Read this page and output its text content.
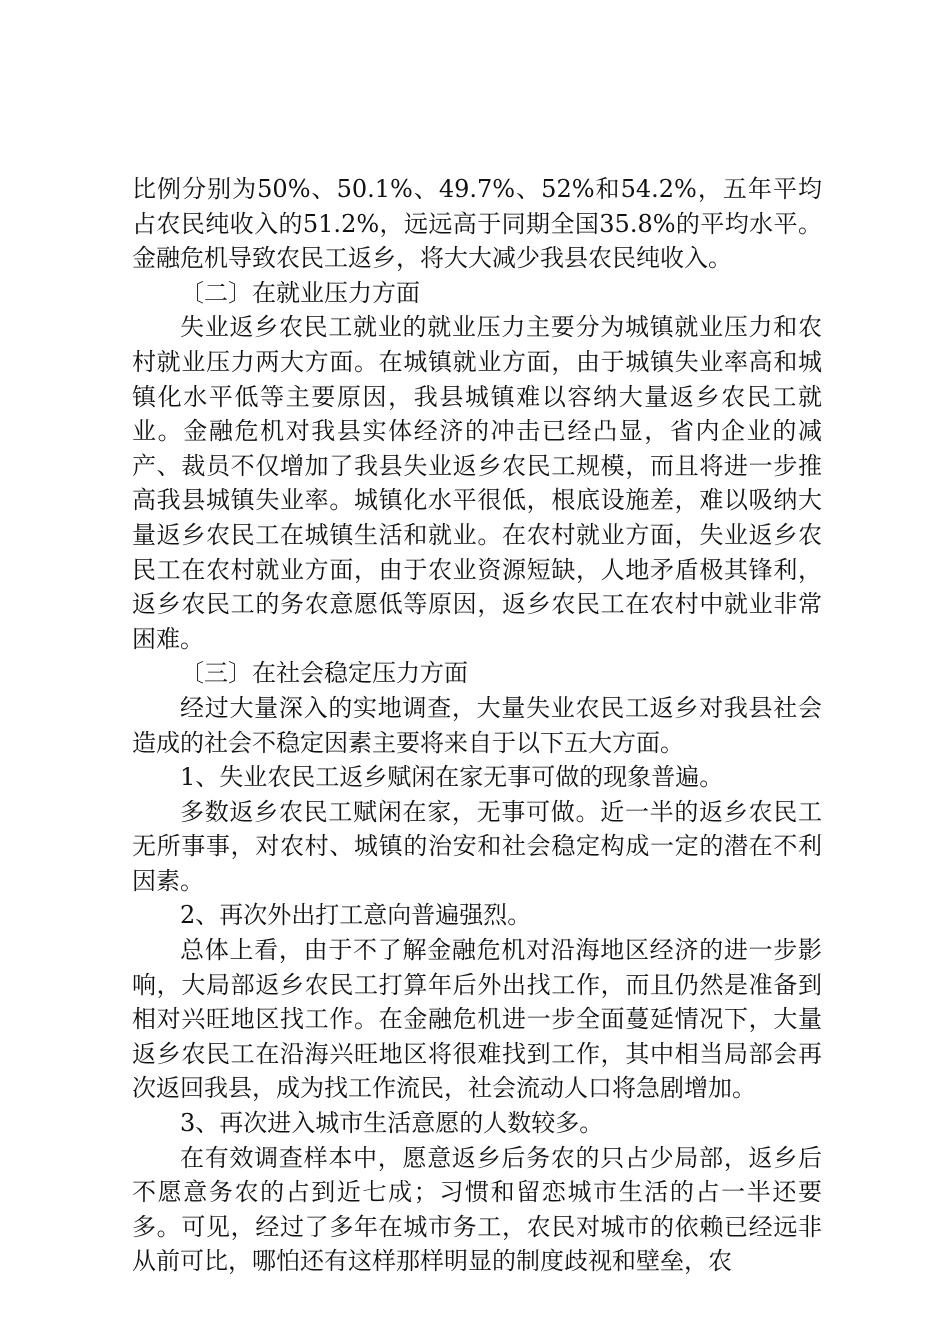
比例分别为50%、50.1%、49.7%、52%和54.2%，五年平均占农民纯收入的51.2%，远远高于同期全国35.8%的平均水平。金融危机导致农民工返乡，将大大减少我县农民纯收入。

〔二〕在就业压力方面

失业返乡农民工就业的就业压力主要分为城镇就业压力和农村就业压力两大方面。在城镇就业方面，由于城镇失业率高和城镇化水平低等主要原因，我县城镇难以容纳大量返乡农民工就业。金融危机对我县实体经济的冲击已经凸显，省内企业的减产、裁员不仅增加了我县失业返乡农民工规模，而且将进一步推高我县城镇失业率。城镇化水平很低，根底设施差，难以吸纳大量返乡农民工在城镇生活和就业。在农村就业方面，失业返乡农民工在农村就业方面，由于农业资源短缺，人地矛盾极其锋利，返乡农民工的务农意愿低等原因，返乡农民工在农村中就业非常困难。

〔三〕在社会稳定压力方面

经过大量深入的实地调查，大量失业农民工返乡对我县社会造成的社会不稳定因素主要将来自于以下五大方面。

1、失业农民工返乡赋闲在家无事可做的现象普遍。

多数返乡农民工赋闲在家，无事可做。近一半的返乡农民工无所事事，对农村、城镇的治安和社会稳定构成一定的潜在不利因素。

2、再次外出打工意向普遍强烈。

总体上看，由于不了解金融危机对沿海地区经济的进一步影响，大局部返乡农民工打算年后外出找工作，而且仍然是准备到相对兴旺地区找工作。在金融危机进一步全面蔓延情况下，大量返乡农民工在沿海兴旺地区将很难找到工作，其中相当局部会再次返回我县，成为找工作流民，社会流动人口将急剧增加。

3、再次进入城市生活意愿的人数较多。

在有效调查样本中，愿意返乡后务农的只占少局部，返乡后不愿意务农的占到近七成；习惯和留恋城市生活的占一半还要多。可见，经过了多年在城市务工，农民对城市的依赖已经远非从前可比，哪怕还有这样那样明显的制度歧视和壁垒，农
